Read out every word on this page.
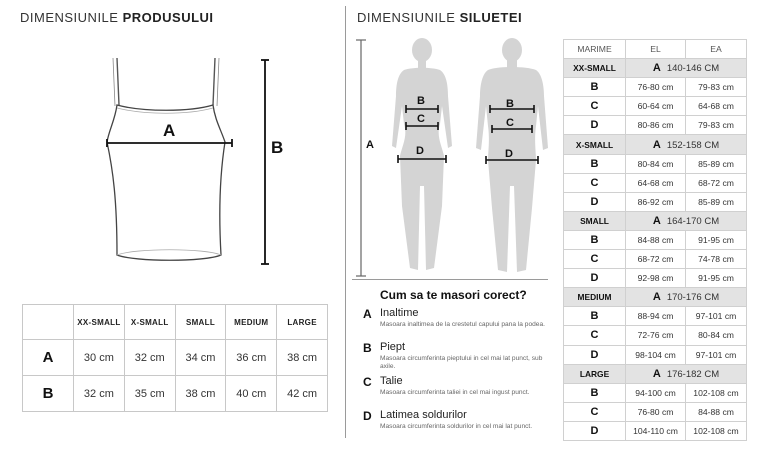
DIMENSIUNILE PRODUSULUI
A
B
	XX-SMALL	X-SMALL	SMALL	MEDIUM	LARGE
A	30 cm	32 cm	34 cm	36 cm	38 cm
B	32 cm	35 cm	38 cm	40 cm	42 cm
DIMENSIUNILE SILUETEI
A
B
C
D
B
C
D
Cum sa te masori corect?
A Inaltime
Masoara inaltimea de la crestetul capului pana la podea.
B Piept
Masoara circumferinta pieptului in cel mai lat punct, sub axile.
C Talie
Masoara circumferinta taliei in cel mai ingust punct.
D Latimea soldurilor
Masoara circumferinta soldurilor in cel mai lat punct.
MARIME	EL	EA
XX-SMALL	A 140-146 CM	
B	76-80 cm	79-83 cm
C	60-64 cm	64-68 cm
D	80-86 cm	79-83 cm
X-SMALL	A 152-158 CM	
B	80-84 cm	85-89 cm
C	64-68 cm	68-72 cm
D	86-92 cm	85-89 cm
SMALL	A 164-170 CM	
B	84-88 cm	91-95 cm
C	68-72 cm	74-78 cm
D	92-98 cm	91-95 cm
MEDIUM	A 170-176 CM	
B	88-94 cm	97-101 cm
C	72-76 cm	80-84 cm
D	98-104 cm	97-101 cm
LARGE	A 176-182 CM	
B	94-100 cm	102-108 cm
C	76-80 cm	84-88 cm
D	104-110 cm	102-108 cm
